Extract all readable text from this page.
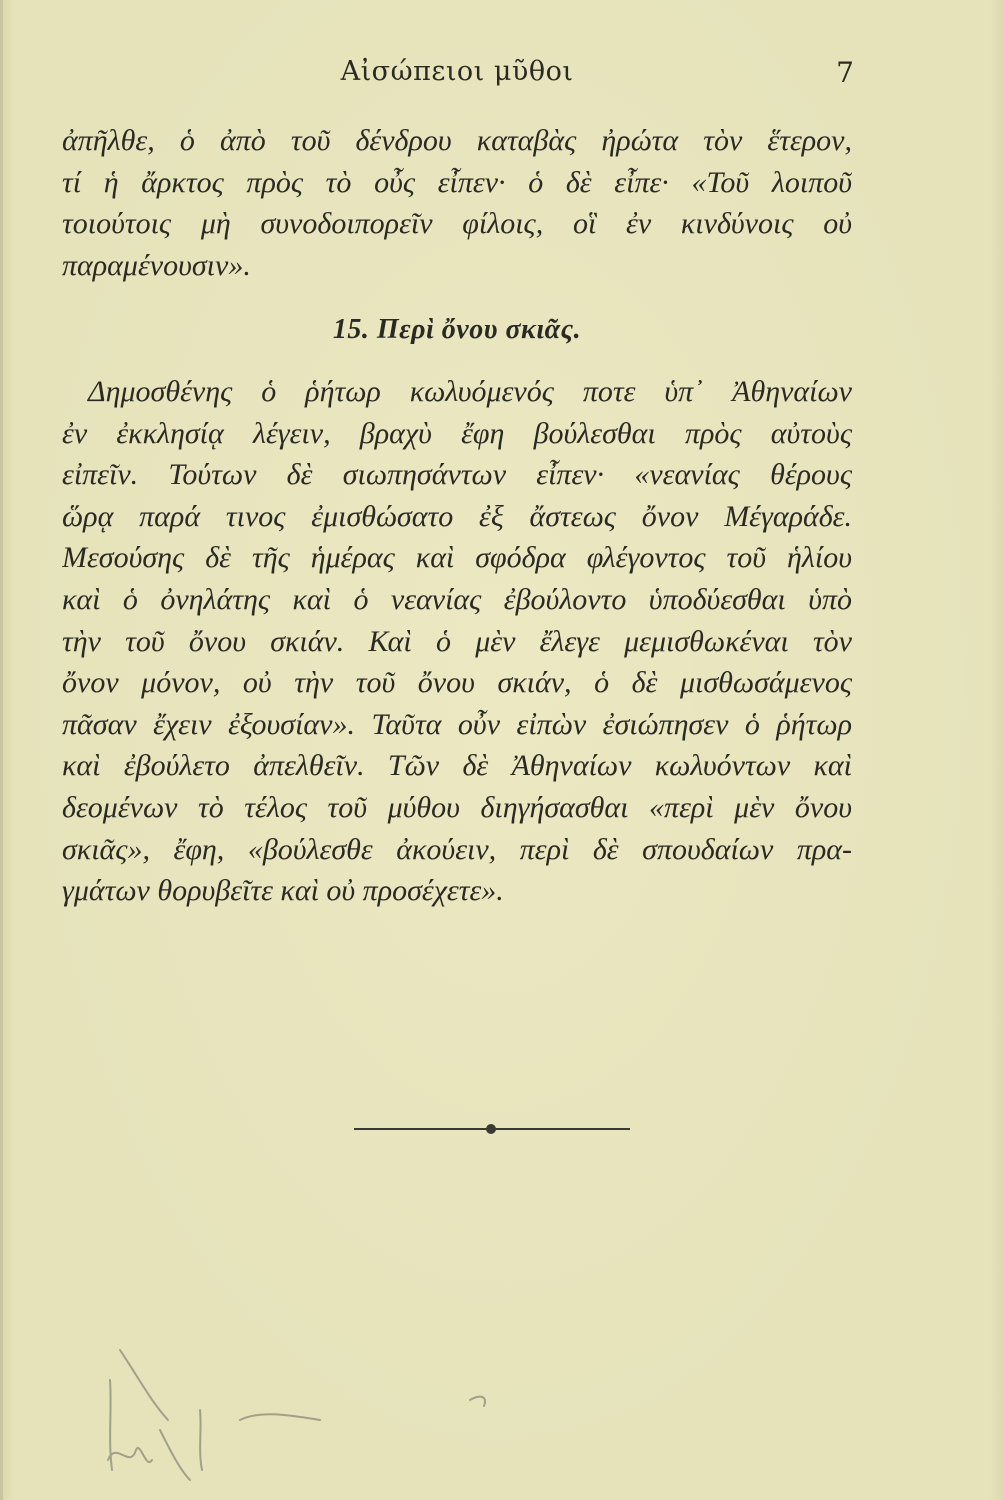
Αἰσώπειοι μῦθοι	7
ἀπῆλθε, ὁ ἀπὸ τοῦ δένδρου καταβὰς ἠρώτα τὸν ἕτερον,
τί ἡ ἄρκτος πρὸς τὸ οὖς εἶπεν· ὁ δὲ εἶπε· «Τοῦ λοιποῦ
τοιούτοις μὴ συνοδοιπορεῖν φίλοις, οἳ ἐν κινδύνοις οὐ
παραμένουσιν».
15. Περὶ ὄνου σκιᾶς.
Δημοσθένης ὁ ῥήτωρ κωλυόμενός ποτε ὑπ᾿ Ἀθηναίων
ἐν ἐκκλησίᾳ λέγειν, βραχὺ ἔφη βούλεσθαι πρὸς αὐτοὺς
εἰπεῖν. Τούτων δὲ σιωπησάντων εἶπεν· «νεανίας θέρους
ὥρᾳ παρά τινος ἐμισθώσατο ἐξ ἄστεως ὄνον Μέγαράδε.
Μεσούσης δὲ τῆς ἡμέρας καὶ σφόδρα φλέγοντος τοῦ ἡλίου
καὶ ὁ ὀνηλάτης καὶ ὁ νεανίας ἐβούλοντο ὑποδύεσθαι ὑπὸ
τὴν τοῦ ὄνου σκιάν. Καὶ ὁ μὲν ἔλεγε μεμισθωκέναι τὸν
ὄνον μόνον, οὐ τὴν τοῦ ὄνου σκιάν, ὁ δὲ μισθωσάμενος
πᾶσαν ἔχειν ἐξουσίαν». Ταῦτα οὖν εἰπὼν ἐσιώπησεν ὁ ῥήτωρ
καὶ ἐβούλετο ἀπελθεῖν. Τῶν δὲ Ἀθηναίων κωλυόντων καὶ
δεομένων τὸ τέλος τοῦ μύθου διηγήσασθαι «περὶ μὲν ὄνου
σκιᾶς», ἔφη, «βούλεσθε ἀκούειν, περὶ δὲ σπουδαίων πρα-
γμάτων θορυβεῖτε καὶ οὐ προσέχετε».
